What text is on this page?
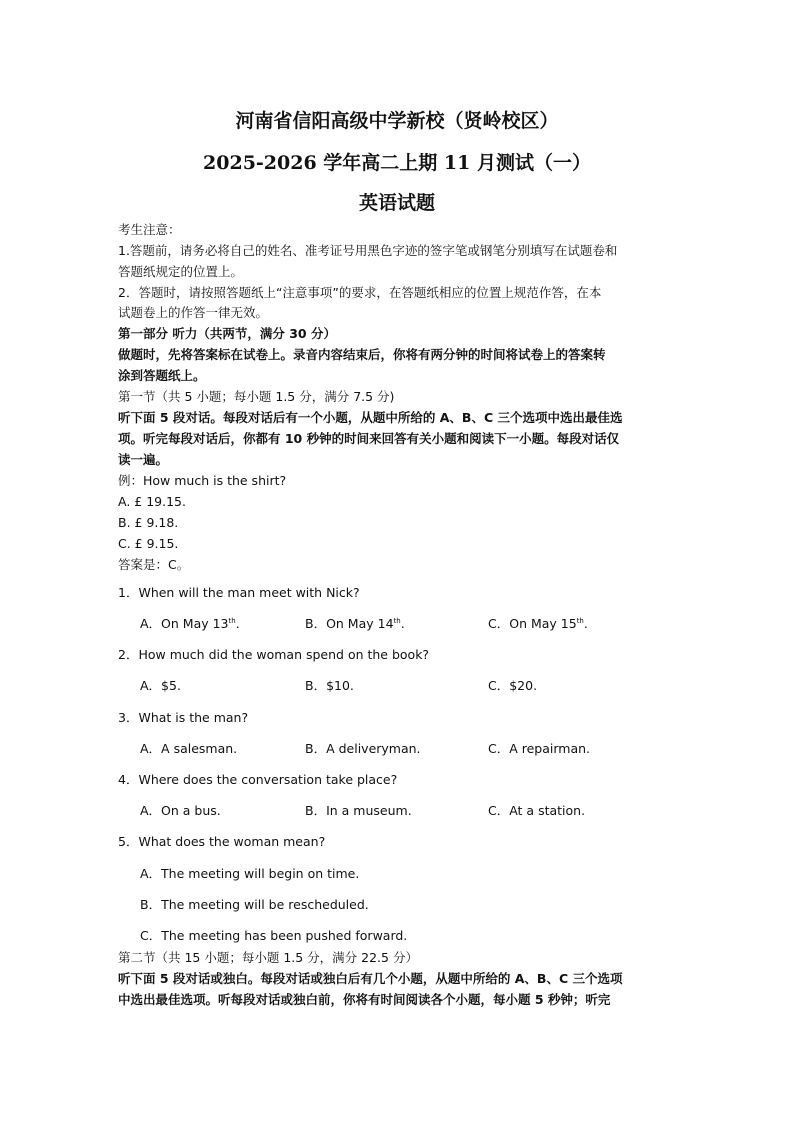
河南省信阳高级中学新校（贤岭校区）
2025-2026 学年高二上期 11 月测试（一）
英语试题
考生注意：
1.答题前，请务必将自己的姓名、准考证号用黑色字迹的签字笔或钢笔分别填写在试题卷和
答题纸规定的位置上。
2．答题时，请按照答题纸上“注意事项”的要求，在答题纸相应的位置上规范作答，在本
试题卷上的作答一律无效。
第一部分 听力（共两节，满分 30 分）
做题时，先将答案标在试卷上。录音内容结束后，你将有两分钟的时间将试卷上的答案转
涂到答题纸上。
第一节（共 5 小题；每小题 1.5 分，满分 7.5 分)
听下面 5 段对话。每段对话后有一个小题，从题中所给的 A、B、C 三个选项中选出最佳选
项。听完每段对话后，你都有 10 秒钟的时间来回答有关小题和阅读下一小题。每段对话仅
读一遍。
例：How much is the shirt?
A. £ 19.15.
B. £ 9.18.
C. £ 9.15.
答案是：C。
1．When will the man meet with Nick?
A．On May 13th.	B．On May 14th.	C．On May 15th.
2．How much did the woman spend on the book?
A．$5.	B．$10.	C．$20.
3．What is the man?
A．A salesman.	B．A deliveryman.	C．A repairman.
4．Where does the conversation take place?
A．On a bus.	B．In a museum.	C．At a station.
5．What does the woman mean?
A．The meeting will begin on time.
B．The meeting will be rescheduled.
C．The meeting has been pushed forward.
第二节（共 15 小题；每小题 1.5 分，满分 22.5 分）
听下面 5 段对话或独白。每段对话或独白后有几个小题，从题中所给的 A、B、C 三个选项
中选出最佳选项。听每段对话或独白前，你将有时间阅读各个小题，每小题 5 秒钟；听完
